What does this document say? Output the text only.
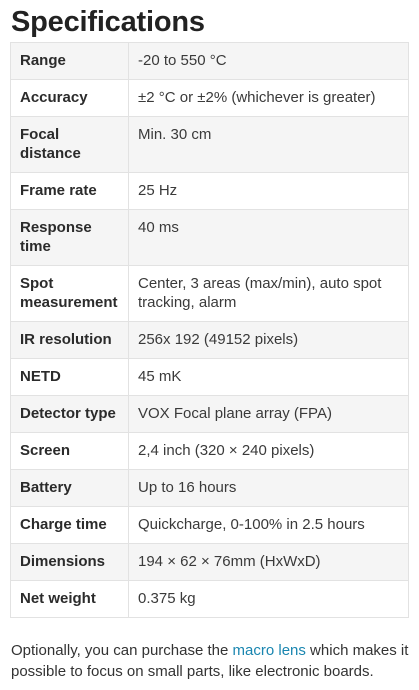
Specifications
Range	-20 to 550 °C
Accuracy	±2 °C or ±2% (whichever is greater)
Focal distance	Min. 30 cm
Frame rate	25 Hz
Response time	40 ms
Spot measurement	Center, 3 areas (max/min), auto spot tracking, alarm
IR resolution	256x 192 (49152 pixels)
NETD	45 mK
Detector type	VOX Focal plane array (FPA)
Screen	2,4 inch (320 × 240 pixels)
Battery	Up to 16 hours
Charge time	Quickcharge, 0-100% in 2.5 hours
Dimensions	194 × 62 × 76mm (HxWxD)
Net weight	0.375 kg

Optionally, you can purchase the macro lens which makes it possible to focus on small parts, like electronic boards.
